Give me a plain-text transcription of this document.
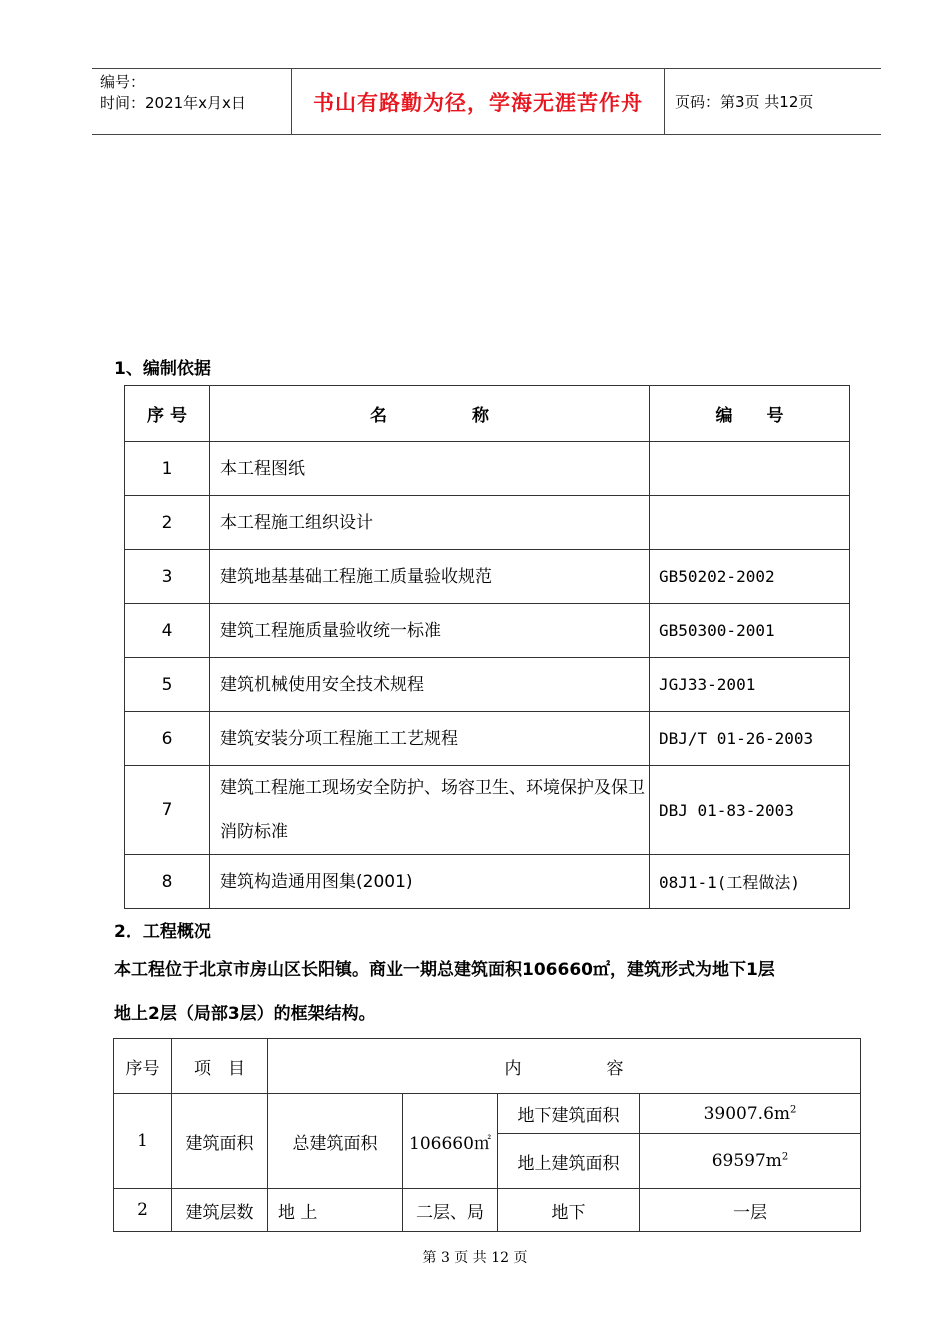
编号：
时间：2021年x月x日	书山有路勤为径，学海无涯苦作舟	页码：第3页 共12页
1、编制依据
序 号	名　　　　　称	编　　号
1	本工程图纸	
2	本工程施工组织设计	
3	建筑地基基础工程施工质量验收规范	GB50202-2002
4	建筑工程施质量验收统一标准	GB50300-2001
5	建筑机械使用安全技术规程	JGJ33-2001
6	建筑安装分项工程施工工艺规程	DBJ/T 01-26-2003
7	建筑工程施工现场安全防护、场容卫生、环境保护及保卫消防标准	DBJ 01-83-2003
8	建筑构造通用图集(2001)	08J1-1(工程做法)
2．工程概况
本工程位于北京市房山区长阳镇。商业一期总建筑面积106660㎡，建筑形式为地下1层
地上2层（局部3层）的框架结构。
序号	项　目	内　　　　　容			
1	建筑面积	总建筑面积	106660㎡	地下建筑面积	$39007.6m^2$
				地上建筑面积	$69597m^2$
2	建筑层数	地 上	二层、局	地下	一层
第 3 页 共 12 页
